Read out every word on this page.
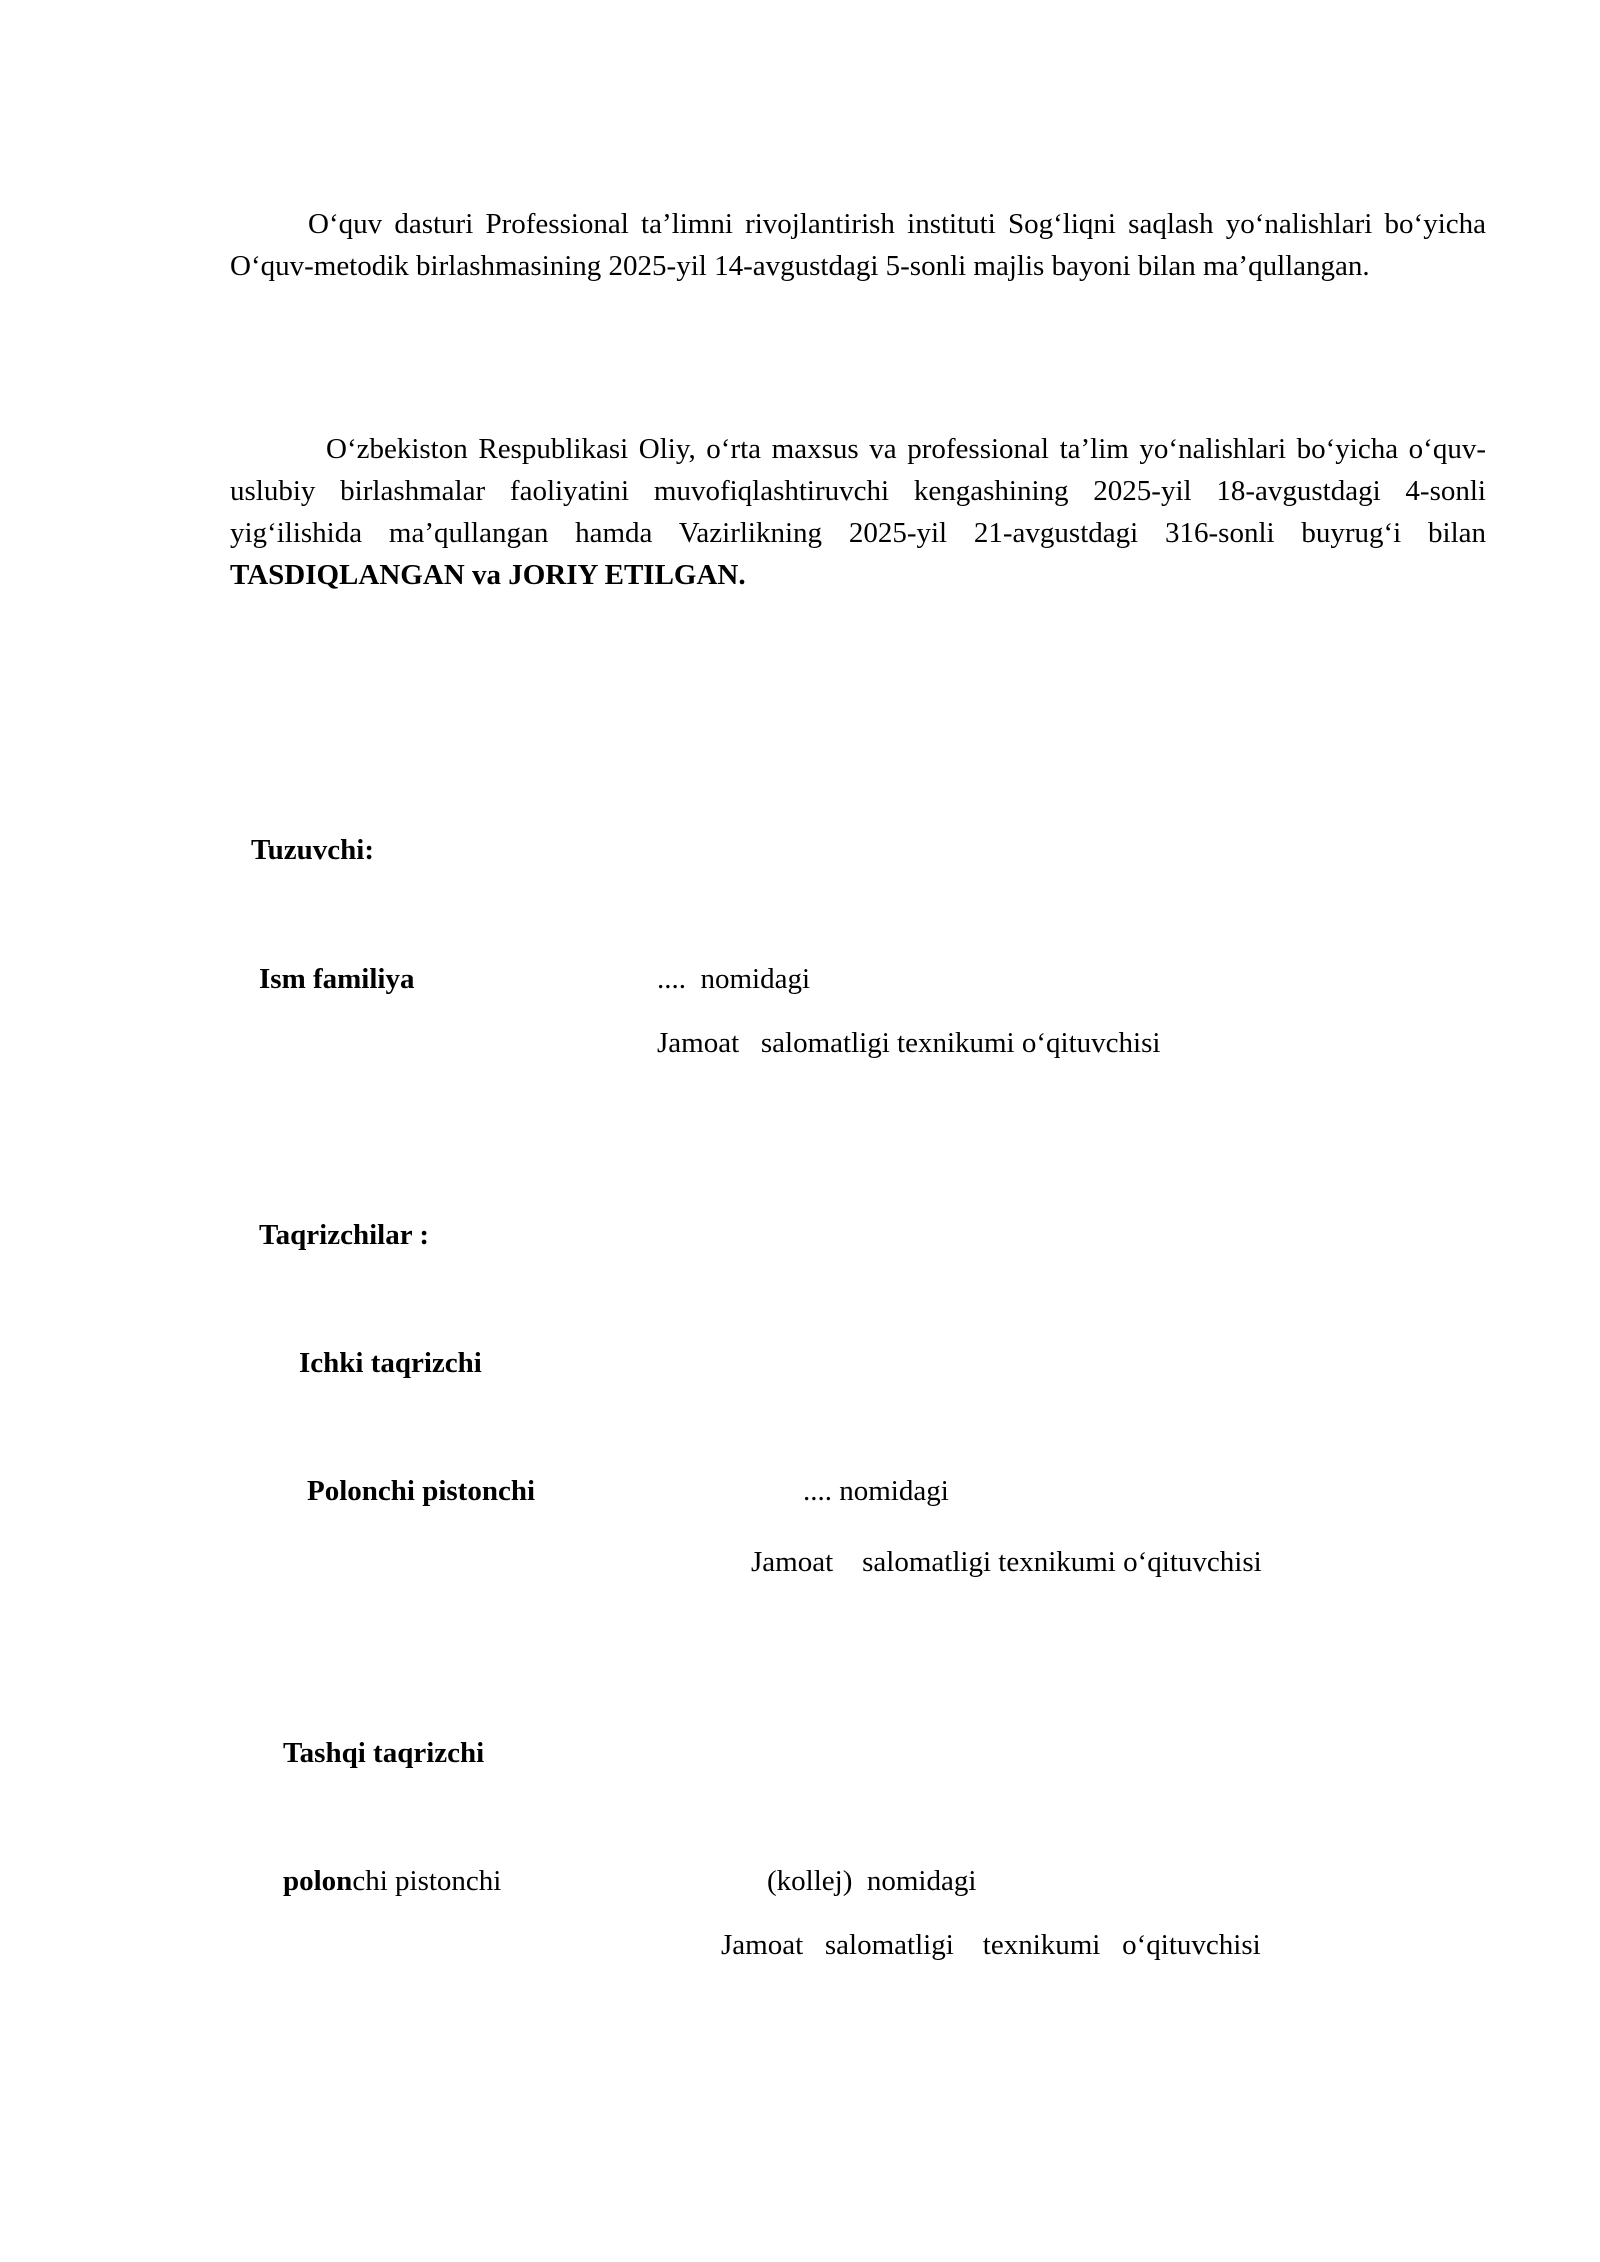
O‘quv dasturi Professional ta’limni rivojlantirish instituti Sog‘liqni saqlash yo‘nalishlari bo‘yicha O‘quv-metodik birlashmasining 2025-yil 14-avgustdagi 5-sonli majlis bayoni bilan ma’qullangan.

O‘zbekiston Respublikasi Oliy, o‘rta maxsus va professional ta’lim yo‘nalishlari bo‘yicha o‘quv-uslubiy birlashmalar faoliyatini muvofiqlashtiruvchi kengashining 2025-yil 18-avgustdagi 4-sonli yig‘ilishida ma’qullangan hamda Vazirlikning 2025-yil 21-avgustdagi 316-sonli buyrug‘i bilan TASDIQLANGAN va JORIY ETILGAN.

Tuzuvchi:
Ism familiya	....  nomidagi
Jamoat   salomatligi texnikumi o‘qituvchisi
Taqrizchilar :
Ichki taqrizchi
Polonchi pistonchi	.... nomidagi
Jamoat    salomatligi texnikumi o‘qituvchisi
Tashqi taqrizchi
polonchi pistonchi	(kollej)  nomidagi
Jamoat   salomatligi    texnikumi   o‘qituvchisi
